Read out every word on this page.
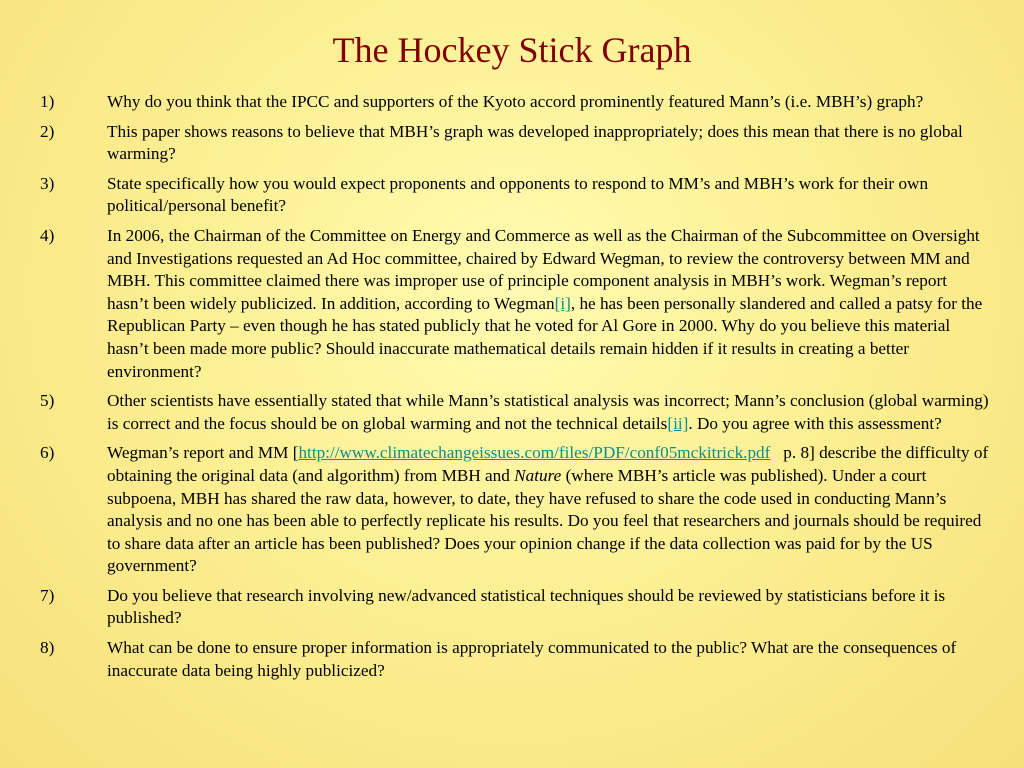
The Hockey Stick Graph
1)	Why do you think that the IPCC and supporters of the Kyoto accord prominently featured Mann’s (i.e. MBH’s) graph?
2)	This paper shows reasons to believe that MBH’s graph was developed inappropriately; does this mean that there is no global warming?
3)	State specifically how you would expect proponents and opponents to respond to MM’s and MBH’s work for their own political/personal benefit?
4)	In 2006, the Chairman of the Committee on Energy and Commerce as well as the Chairman of the Subcommittee on Oversight and Investigations requested an Ad Hoc committee, chaired by Edward Wegman, to review the controversy between MM and MBH. This committee claimed there was improper use of principle component analysis in MBH’s work. Wegman’s report hasn’t been widely publicized. In addition, according to Wegman[i], he has been personally slandered and called a patsy for the Republican Party – even though he has stated publicly that he voted for Al Gore in 2000. Why do you believe this material hasn’t been made more public? Should inaccurate mathematical details remain hidden if it results in creating a better environment?
5)	Other scientists have essentially stated that while Mann’s statistical analysis was incorrect; Mann’s conclusion (global warming) is correct and the focus should be on global warming and not the technical details[ii]. Do you agree with this assessment?
6)	Wegman’s report and MM [http://www.climatechangeissues.com/files/PDF/conf05mckitrick.pdf   p. 8] describe the difficulty of obtaining the original data (and algorithm) from MBH and Nature (where MBH’s article was published). Under a court subpoena, MBH has shared the raw data, however, to date, they have refused to share the code used in conducting Mann’s analysis and no one has been able to perfectly replicate his results. Do you feel that researchers and journals should be required to share data after an article has been published? Does your opinion change if the data collection was paid for by the US government?
7)	Do you believe that research involving new/advanced statistical techniques should be reviewed by statisticians before it is published?
8)	What can be done to ensure proper information is appropriately communicated to the public? What are the consequences of inaccurate data being highly publicized?
